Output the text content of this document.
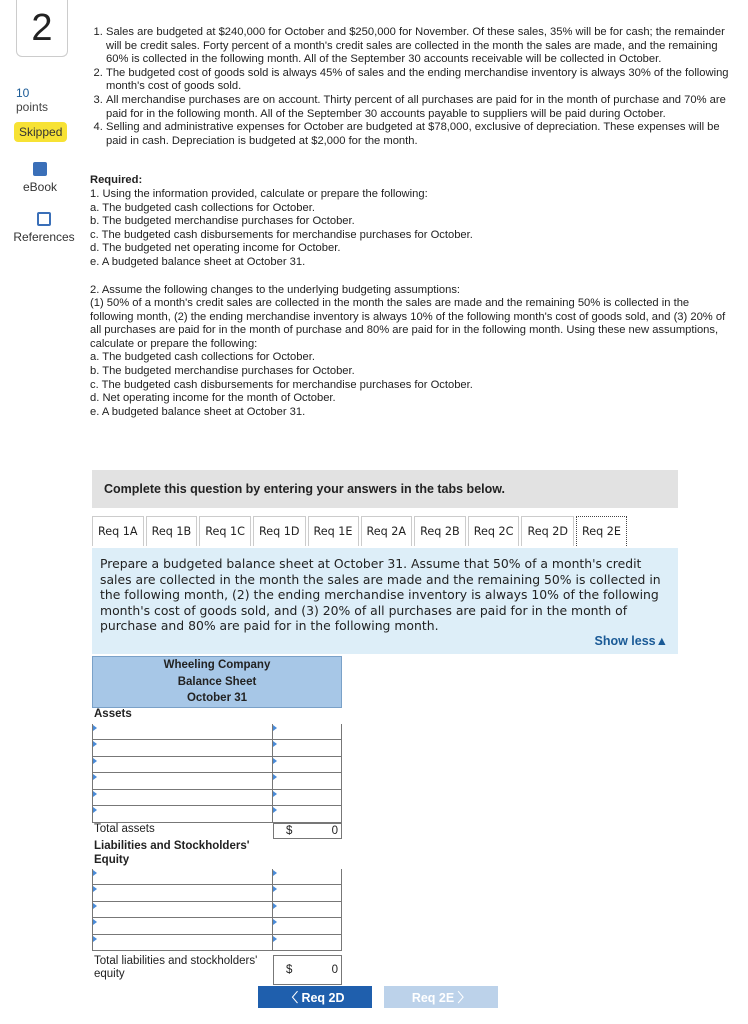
2
10
points
Skipped
eBook
References
1. Sales are budgeted at $240,000 for October and $250,000 for November. Of these sales, 35% will be for cash; the remainder will be credit sales. Forty percent of a month's credit sales are collected in the month the sales are made, and the remaining 60% is collected in the following month. All of the September 30 accounts receivable will be collected in October.
2. The budgeted cost of goods sold is always 45% of sales and the ending merchandise inventory is always 30% of the following month's cost of goods sold.
3. All merchandise purchases are on account. Thirty percent of all purchases are paid for in the month of purchase and 70% are paid for in the following month. All of the September 30 accounts payable to suppliers will be paid during October.
4. Selling and administrative expenses for October are budgeted at $78,000, exclusive of depreciation. These expenses will be paid in cash. Depreciation is budgeted at $2,000 for the month.
Required:
1. Using the information provided, calculate or prepare the following:
a. The budgeted cash collections for October.
b. The budgeted merchandise purchases for October.
c. The budgeted cash disbursements for merchandise purchases for October.
d. The budgeted net operating income for October.
e. A budgeted balance sheet at October 31.
2. Assume the following changes to the underlying budgeting assumptions:
(1) 50% of a month's credit sales are collected in the month the sales are made and the remaining 50% is collected in the following month, (2) the ending merchandise inventory is always 10% of the following month's cost of goods sold, and (3) 20% of all purchases are paid for in the month of purchase and 80% are paid for in the following month. Using these new assumptions, calculate or prepare the following:
a. The budgeted cash collections for October.
b. The budgeted merchandise purchases for October.
c. The budgeted cash disbursements for merchandise purchases for October.
d. Net operating income for the month of October.
e. A budgeted balance sheet at October 31.
Complete this question by entering your answers in the tabs below.
Req 1A	Req 1B	Req 1C	Req 1D	Req 1E	Req 2A	Req 2B	Req 2C	Req 2D	Req 2E
Prepare a budgeted balance sheet at October 31. Assume that 50% of a month's credit sales are collected in the month the sales are made and the remaining 50% is collected in the following month, (2) the ending merchandise inventory is always 10% of the following month's cost of goods sold, and (3) 20% of all purchases are paid for in the month of purchase and 80% are paid for in the following month.
Show less▲
Wheeling Company
Balance Sheet
October 31
Assets
Total assets	$	0
Liabilities and Stockholders' Equity
Total liabilities and stockholders' equity	$	0
〈 Req 2D	Req 2E 〉
